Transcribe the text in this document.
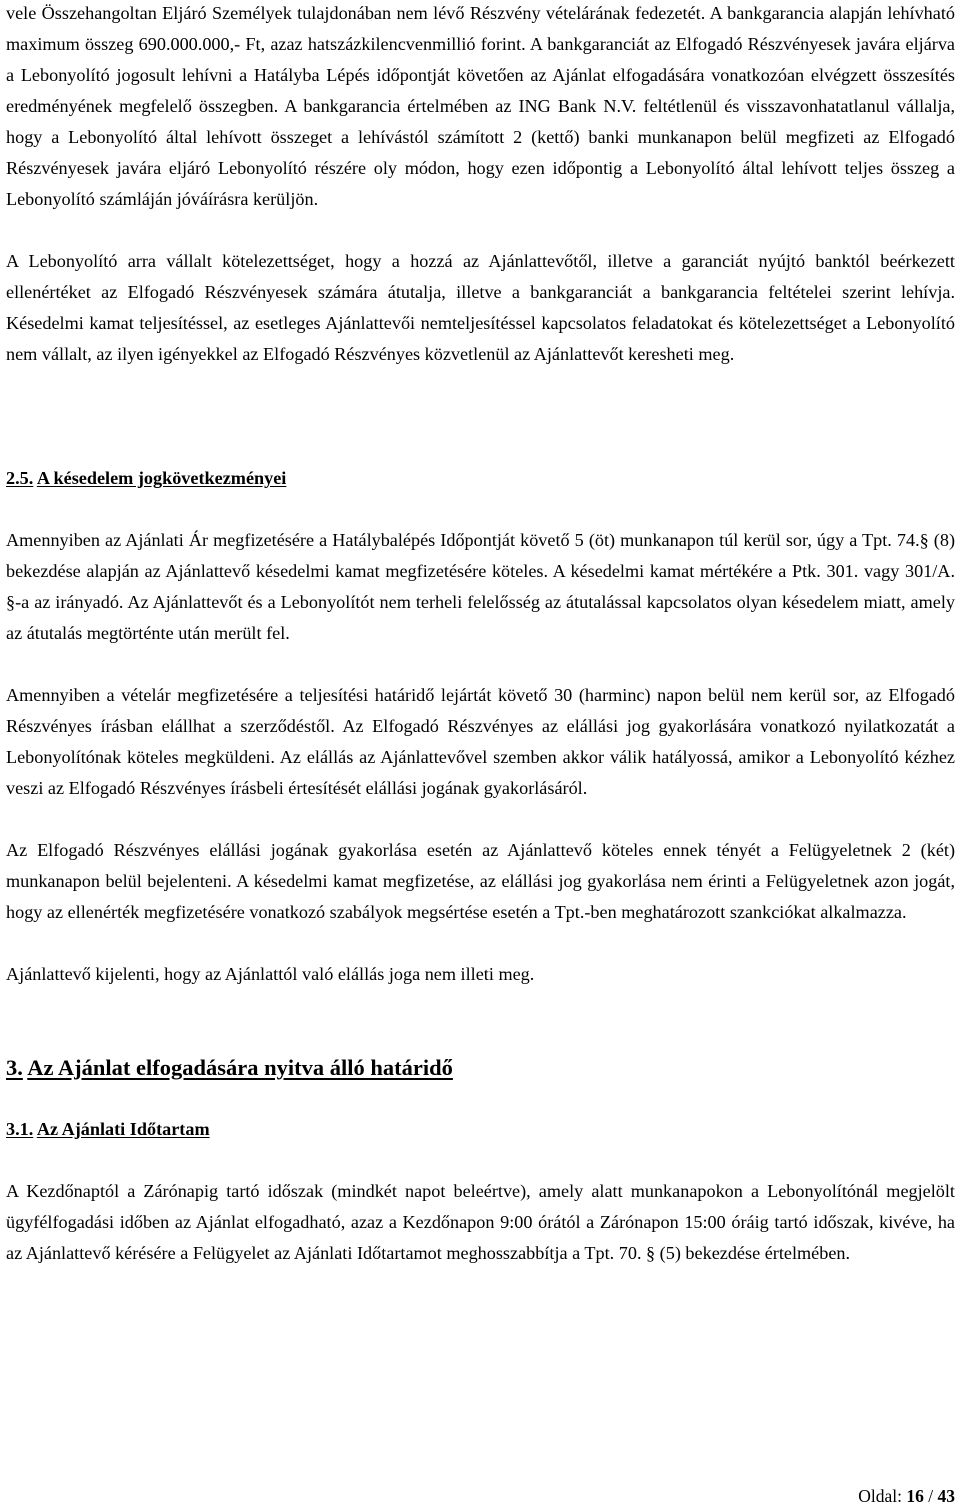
vele Összehangoltan Eljáró Személyek tulajdonában nem lévő Részvény vételárának fedezetét. A bankgarancia alapján lehívható maximum összeg 690.000.000,- Ft, azaz hatszázkilencvenmillió forint. A bankgaranciát az Elfogadó Részvényesek javára eljárva a Lebonyolító jogosult lehívni a Hatályba Lépés időpontját követően az Ajánlat elfogadására vonatkozóan elvégzett összesítés eredményének megfelelő összegben. A bankgarancia értelmében az ING Bank N.V. feltétlenül és visszavonhatatlanul vállalja, hogy a Lebonyolító által lehívott összeget a lehívástól számított 2 (kettő) banki munkanapon belül megfizeti az Elfogadó Részvényesek javára eljáró Lebonyolító részére oly módon, hogy ezen időpontig a Lebonyolító által lehívott teljes összeg a Lebonyolító számláján jóváírásra kerüljön.

A Lebonyolító arra vállalt kötelezettséget, hogy a hozzá az Ajánlattevőtől, illetve a garanciát nyújtó banktól beérkezett ellenértéket az Elfogadó Részvényesek számára átutalja, illetve a bankgaranciát a bankgarancia feltételei szerint lehívja. Késedelmi kamat teljesítéssel, az esetleges Ajánlattevői nemteljesítéssel kapcsolatos feladatokat és kötelezettséget a Lebonyolító nem vállalt, az ilyen igényekkel az Elfogadó Részvényes közvetlenül az Ajánlattevőt keresheti meg.

2.5. A késedelem jogkövetkezményei

Amennyiben az Ajánlati Ár megfizetésére a Hatálybalépés Időpontját követő 5 (öt) munkanapon túl kerül sor, úgy a Tpt. 74.§ (8) bekezdése alapján az Ajánlattevő késedelmi kamat megfizetésére köteles. A késedelmi kamat mértékére a Ptk. 301. vagy 301/A. §-a az irányadó. Az Ajánlattevőt és a Lebonyolítót nem terheli felelősség az átutalással kapcsolatos olyan késedelem miatt, amely az átutalás megtörténte után merült fel.

Amennyiben a vételár megfizetésére a teljesítési határidő lejártát követő 30 (harminc) napon belül nem kerül sor, az Elfogadó Részvényes írásban elállhat a szerződéstől. Az Elfogadó Részvényes az elállási jog gyakorlására vonatkozó nyilatkozatát a Lebonyolítónak köteles megküldeni. Az elállás az Ajánlattevővel szemben akkor válik hatályossá, amikor a Lebonyolító kézhez veszi az Elfogadó Részvényes írásbeli értesítését elállási jogának gyakorlásáról.

Az Elfogadó Részvényes elállási jogának gyakorlása esetén az Ajánlattevő köteles ennek tényét a Felügyeletnek 2 (két) munkanapon belül bejelenteni. A késedelmi kamat megfizetése, az elállási jog gyakorlása nem érinti a Felügyeletnek azon jogát, hogy az ellenérték megfizetésére vonatkozó szabályok megsértése esetén a Tpt.-ben meghatározott szankciókat alkalmazza.

Ajánlattevő kijelenti, hogy az Ajánlattól való elállás joga nem illeti meg.

3. Az Ajánlat elfogadására nyitva álló határidő
3.1. Az Ajánlati Időtartam

A Kezdőnaptól a Zárónapig tartó időszak (mindkét napot beleértve), amely alatt munkanapokon a Lebonyolítónál megjelölt ügyfélfogadási időben az Ajánlat elfogadható, azaz a Kezdőnapon 9:00 órától a Zárónapon 15:00 óráig tartó időszak, kivéve, ha az Ajánlattevő kérésére a Felügyelet az Ajánlati Időtartamot meghosszabbítja a Tpt. 70. § (5) bekezdése értelmében.

Oldal: 16 / 43
